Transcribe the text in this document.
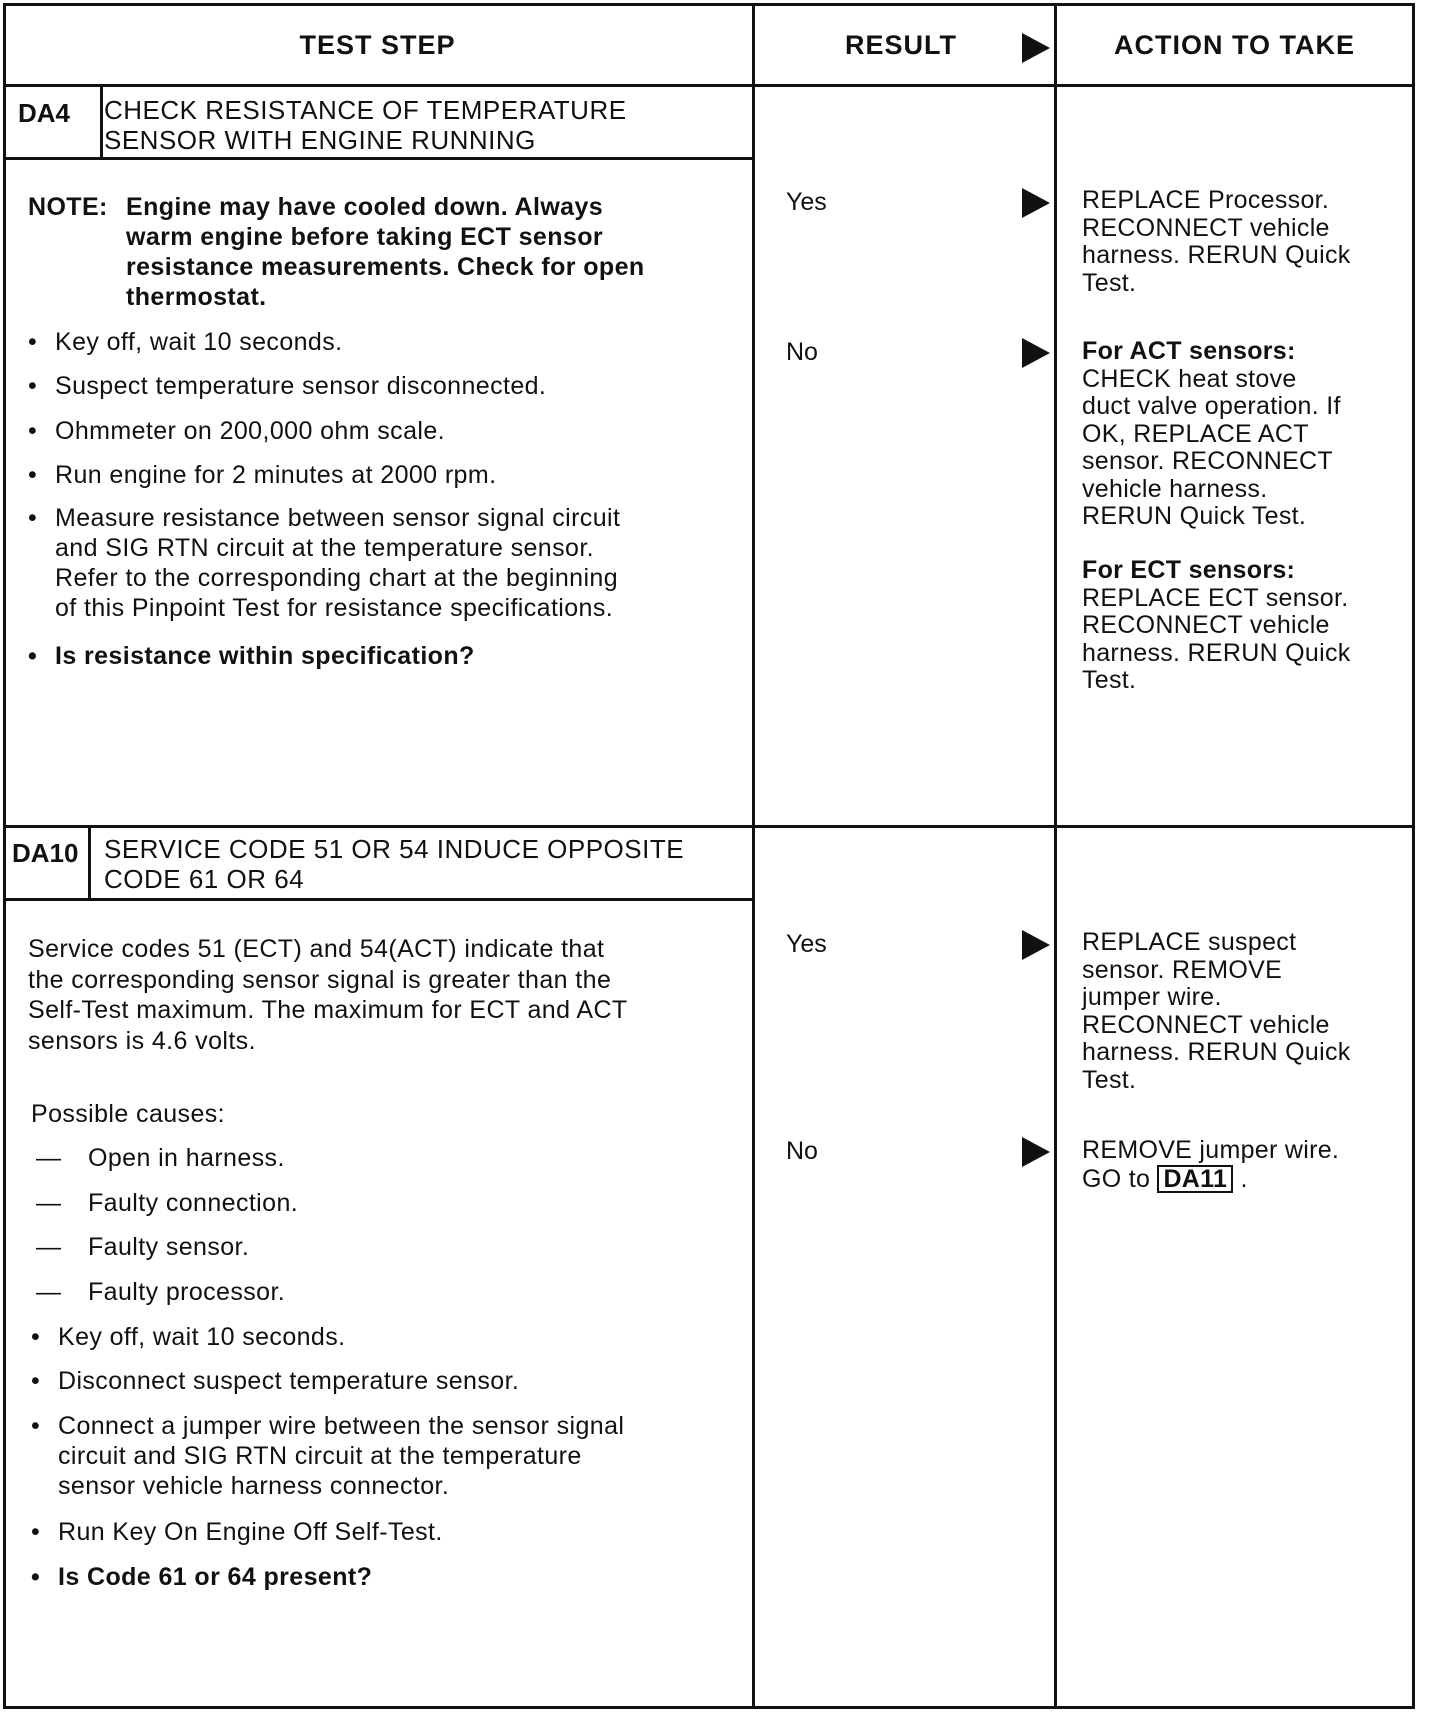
TEST STEP	RESULT	ACTION TO TAKE
DA4 CHECK RESISTANCE OF TEMPERATURE
SENSOR WITH ENGINE RUNNING
NOTE: Engine may have cooled down. Always
warm engine before taking ECT sensor
resistance measurements. Check for open
thermostat.
• Key off, wait 10 seconds.
• Suspect temperature sensor disconnected.
• Ohmmeter on 200,000 ohm scale.
• Run engine for 2 minutes at 2000 rpm.
• Measure resistance between sensor signal circuit
and SIG RTN circuit at the temperature sensor.
Refer to the corresponding chart at the beginning
of this Pinpoint Test for resistance specifications.
• Is resistance within specification?
Yes
No
REPLACE Processor.
RECONNECT vehicle
harness. RERUN Quick
Test.
For ACT sensors:
CHECK heat stove
duct valve operation. If
OK, REPLACE ACT
sensor. RECONNECT
vehicle harness.
RERUN Quick Test.
For ECT sensors:
REPLACE ECT sensor.
RECONNECT vehicle
harness. RERUN Quick
Test.
DA10 SERVICE CODE 51 OR 54 INDUCE OPPOSITE
CODE 61 OR 64
Service codes 51 (ECT) and 54(ACT) indicate that
the corresponding sensor signal is greater than the
Self-Test maximum. The maximum for ECT and ACT
sensors is 4.6 volts.
Possible causes:
— Open in harness.
— Faulty connection.
— Faulty sensor.
— Faulty processor.
• Key off, wait 10 seconds.
• Disconnect suspect temperature sensor.
• Connect a jumper wire between the sensor signal
circuit and SIG RTN circuit at the temperature
sensor vehicle harness connector.
• Run Key On Engine Off Self-Test.
• Is Code 61 or 64 present?
Yes
No
REPLACE suspect
sensor. REMOVE
jumper wire.
RECONNECT vehicle
harness. RERUN Quick
Test.
REMOVE jumper wire.
GO to DA11 .
